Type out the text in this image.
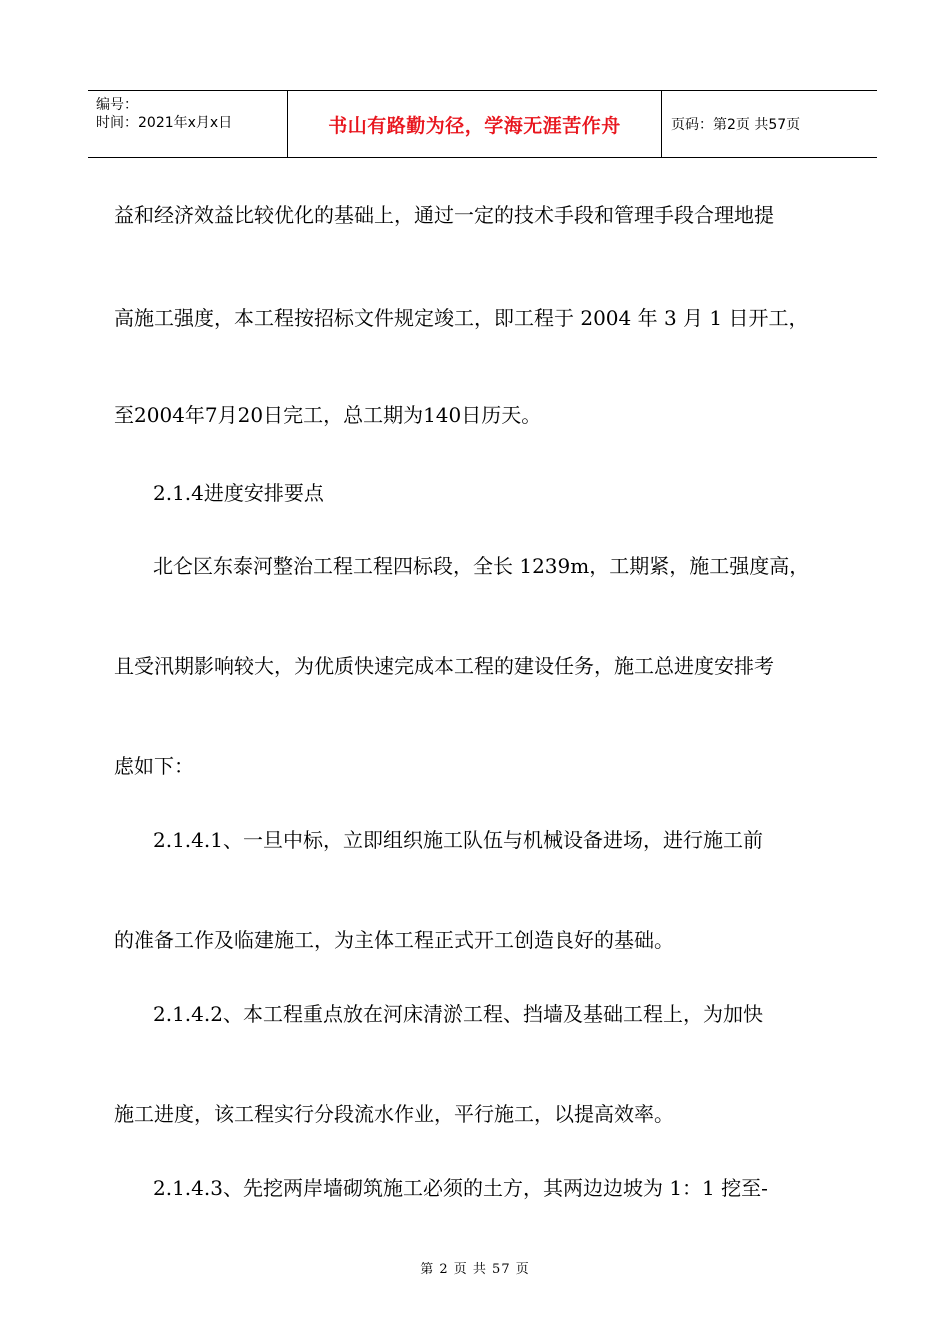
编号：
时间：2021年x月x日	书山有路勤为径，学海无涯苦作舟	页码：第2页 共57页
益和经济效益比较优化的基础上，通过一定的技术手段和管理手段合理地提
高施工强度，本工程按招标文件规定竣工，即工程于 2004 年 3 月 1 日开工，
至2004年7月20日完工，总工期为140日历天。
2.1.4进度安排要点
北仑区东泰河整治工程工程四标段，全长 1239m，工期紧，施工强度高，
且受汛期影响较大，为优质快速完成本工程的建设任务，施工总进度安排考
虑如下：
2.1.4.1、一旦中标，立即组织施工队伍与机械设备进场，进行施工前
的准备工作及临建施工，为主体工程正式开工创造良好的基础。
2.1.4.2、本工程重点放在河床清淤工程、挡墙及基础工程上，为加快
施工进度，该工程实行分段流水作业，平行施工，以提高效率。
2.1.4.3、先挖两岸墙砌筑施工必须的土方，其两边边坡为 1：1 挖至-
第 2 页 共 57 页
